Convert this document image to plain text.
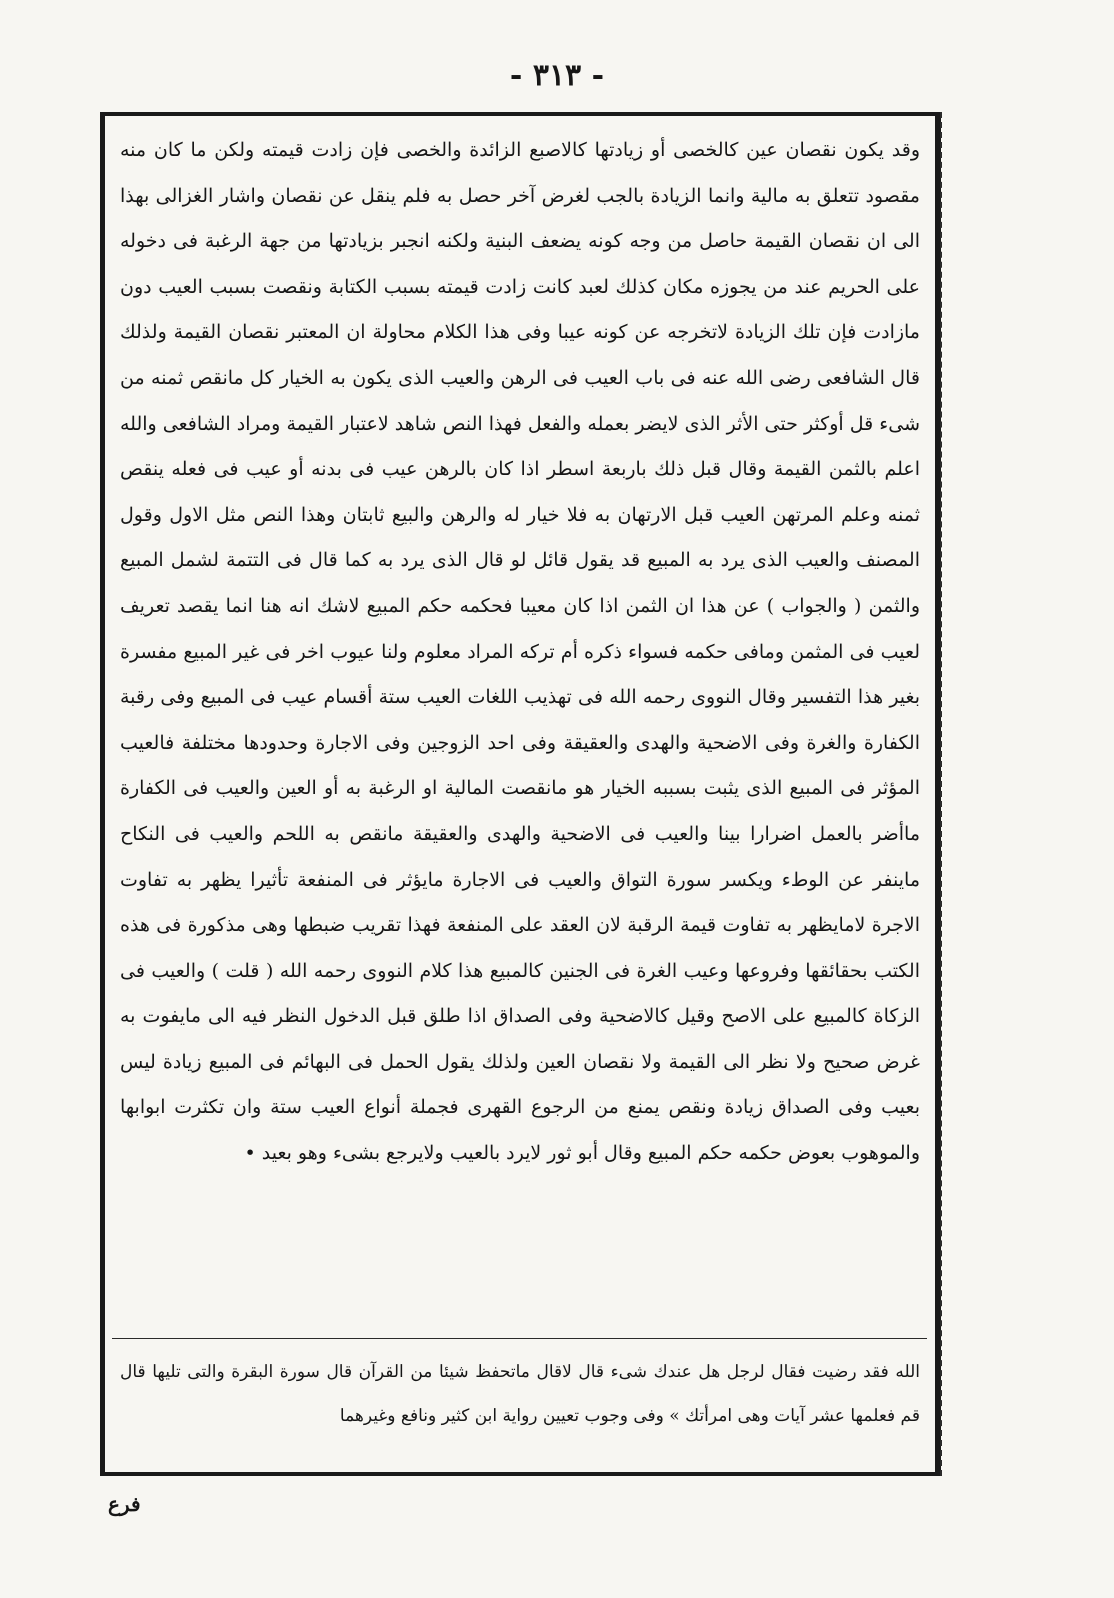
- ٣١٣ -

وقد يكون نقصان عين كالخصى أو زيادتها كالاصبع الزائدة والخصى فإن زادت قيمته ولكن ما كان منه مقصود تتعلق به مالية وانما الزيادة بالجب لغرض آخر حصل به فلم ينقل عن نقصان واشار الغزالى بهذا الى ان نقصان القيمة حاصل من وجه كونه يضعف البنية ولكنه انجبر بزيادتها من جهة الرغبة فى دخوله على الحريم عند من يجوزه مكان كذلك لعبد كانت زادت قيمته بسبب الكتابة ونقصت بسبب العيب دون مازادت فإن تلك الزيادة لاتخرجه عن كونه عيبا وفى هذا الكلام محاولة ان المعتبر نقصان القيمة ولذلك قال الشافعى رضى الله عنه فى باب العيب فى الرهن والعيب الذى يكون به الخيار كل مانقص ثمنه من شىء قل أوكثر حتى الأثر الذى لايضر بعمله والفعل فهذا النص شاهد لاعتبار القيمة ومراد الشافعى والله اعلم بالثمن القيمة وقال قبل ذلك باربعة اسطر اذا كان بالرهن عيب فى بدنه أو عيب فى فعله ينقص ثمنه وعلم المرتهن العيب قبل الارتهان به فلا خيار له والرهن والبيع ثابتان وهذا النص مثل الاول وقول المصنف والعيب الذى يرد به المبيع قد يقول قائل لو قال الذى يرد به كما قال فى التتمة لشمل المبيع والثمن ( والجواب ) عن هذا ان الثمن اذا كان معيبا فحكمه حكم المبيع لاشك انه هنا انما يقصد تعريف لعيب فى المثمن ومافى حكمه فسواء ذكره أم تركه المراد معلوم ولنا عيوب اخر فى غير المبيع مفسرة بغير هذا التفسير وقال النووى رحمه الله فى تهذيب اللغات العيب ستة أقسام عيب فى المبيع وفى رقبة الكفارة والغرة وفى الاضحية والهدى والعقيقة وفى احد الزوجين وفى الاجارة وحدودها مختلفة فالعيب المؤثر فى المبيع الذى يثبت بسببه الخيار هو مانقصت المالية او الرغبة به أو العين والعيب فى الكفارة ماأضر بالعمل اضرارا بينا والعيب فى الاضحية والهدى والعقيقة مانقص به اللحم والعيب فى النكاح ماينفر عن الوطء ويكسر سورة التواق والعيب فى الاجارة مايؤثر فى المنفعة تأثيرا يظهر به تفاوت الاجرة لامايظهر به تفاوت قيمة الرقبة لان العقد على المنفعة فهذا تقريب ضبطها وهى مذكورة فى هذه الكتب بحقائقها وفروعها وعيب الغرة فى الجنين كالمبيع هذا كلام النووى رحمه الله ( قلت ) والعيب فى الزكاة كالمبيع على الاصح وقيل كالاضحية وفى الصداق اذا طلق قبل الدخول النظر فيه الى مايفوت به غرض صحيح ولا نظر الى القيمة ولا نقصان العين ولذلك يقول الحمل فى البهائم فى المبيع زيادة ليس بعيب وفى الصداق زيادة ونقص يمنع من الرجوع القهرى فجملة أنواع العيب ستة وان تكثرت ابوابها والموهوب بعوض حكمه حكم المبيع وقال أبو ثور لايرد بالعيب ولايرجع بشىء وهو بعيد •

الله فقد رضيت فقال لرجل هل عندك شىء قال لاقال ماتحفظ شيئا من القرآن قال سورة البقرة والتى تليها قال قم فعلمها عشر آيات وهى امرأتك » وفى وجوب تعيين رواية ابن كثير ونافع وغيرهما

فرع
